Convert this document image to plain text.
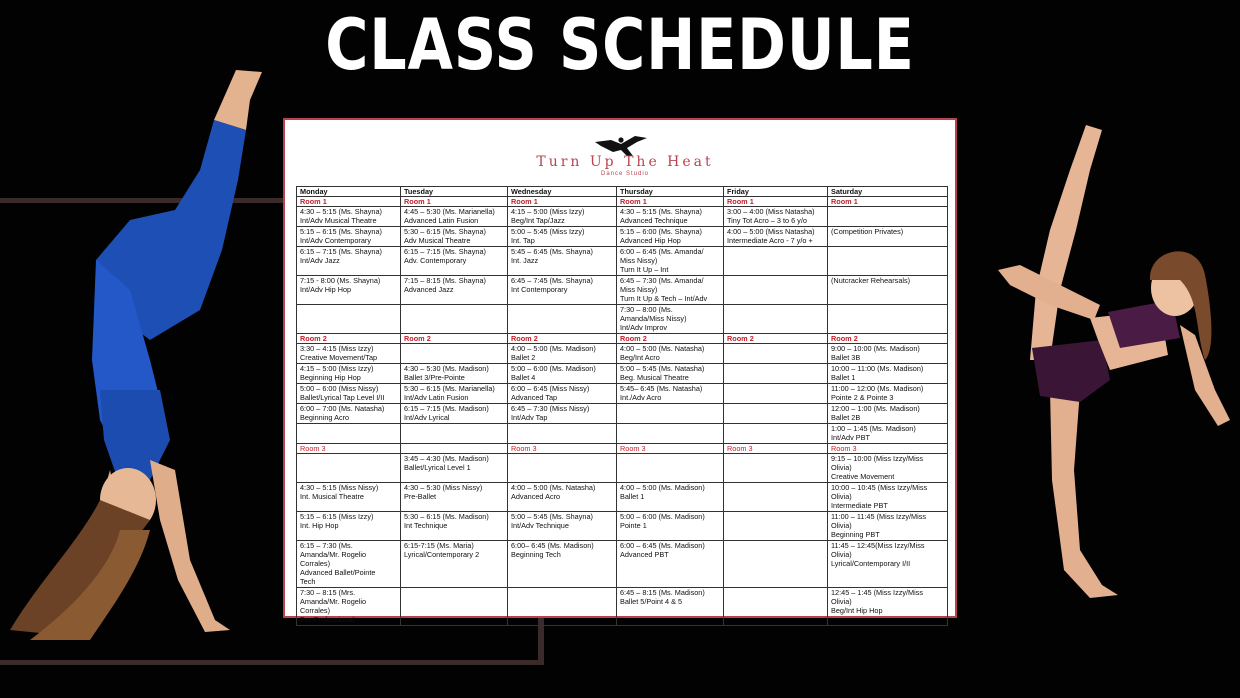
CLASS SCHEDULE
Turn Up The Heat
Dance Studio
Monday	Tuesday	Wednesday	Thursday	Friday	Saturday

Room 1	Room 1	Room 1	Room 1	Room 1	Room 1

4:30 – 5:15 (Ms. Shayna)
Int/Adv Musical Theatre	4:45 – 5:30 (Ms. Marianella)
Advanced Latin Fusion	4:15 – 5:00 (Miss Izzy)
Beg/Int Tap/Jazz	4:30 – 5:15 (Ms. Shayna)
Advanced Technique	3:00 – 4:00 (Miss Natasha)
Tiny Tot Acro – 3 to 6 y/o	

5:15 – 6:15 (Ms. Shayna)
Int/Adv Contemporary	5:30 – 6:15 (Ms. Shayna)
Adv Musical Theatre	5:00 – 5:45 (Miss Izzy)
Int. Tap	5:15 – 6:00 (Ms. Shayna)
Advanced Hip Hop	4:00 – 5:00 (Miss Natasha)
Intermediate Acro - 7 y/o +	(Competition Privates)

6:15 – 7:15 (Ms. Shayna)
Int/Adv Jazz	6:15 – 7:15 (Ms. Shayna)
Adv. Contemporary	5:45 – 6:45 (Ms. Shayna)
Int. Jazz	6:00 – 6:45 (Ms. Amanda/
Miss Nissy)
Turn It Up – Int		

7:15 - 8:00 (Ms. Shayna)
Int/Adv Hip Hop	7:15 – 8:15 (Ms. Shayna)
Advanced Jazz	6:45 – 7:45 (Ms. Shayna)
Int Contemporary	6:45 – 7:30 (Ms. Amanda/
Miss Nissy)
Turn It Up & Tech – Int/Adv		(Nutcracker Rehearsals)

			7:30 – 8:00 (Ms.
Amanda/Miss Nissy)
Int/Adv Improv		

Room 2	Room 2	Room 2	Room 2	Room 2	Room 2

3:30 – 4:15 (Miss Izzy)
Creative Movement/Tap		4:00 – 5:00 (Ms. Madison)
Ballet 2	4:00 – 5:00 (Ms. Natasha)
Beg/Int Acro		9:00 – 10:00 (Ms. Madison)
Ballet 3B

4:15 – 5:00 (Miss Izzy)
Beginning Hip Hop	4:30 – 5:30 (Ms. Madison)
Ballet 3/Pre-Pointe	5:00 – 6:00 (Ms. Madison)
Ballet 4	5:00 – 5:45 (Ms. Natasha)
Beg. Musical Theatre		10:00 – 11:00 (Ms. Madison)
Ballet 1

5:00 – 6:00 (Miss Nissy)
Ballet/Lyrical Tap Level I/II	5:30 – 6:15 (Ms. Marianella)
Int/Adv Latin Fusion	6:00 – 6:45 (Miss Nissy)
Advanced Tap	5:45– 6:45 (Ms. Natasha)
Int./Adv Acro		11:00 – 12:00 (Ms. Madison)
Pointe 2 & Pointe 3

6:00 – 7:00 (Ms. Natasha)
Beginning Acro	6:15 – 7:15 (Ms. Madison)
Int/Adv Lyrical	6:45 – 7:30 (Miss Nissy)
Int/Adv Tap			12:00 – 1:00 (Ms. Madison)
Ballet 2B

					1:00 – 1:45 (Ms. Madison)
Int/Adv PBT

Room 3		Room 3	Room 3	Room 3	Room 3

	3:45 – 4:30 (Ms. Madison)
Ballet/Lyrical Level 1				9:15 – 10:00 (Miss Izzy/Miss
Olivia)
Creative Movement

4:30 – 5:15 (Miss Nissy)
Int. Musical Theatre	4:30 – 5:30 (Miss Nissy)
Pre-Ballet	4:00 – 5:00 (Ms. Natasha)
Advanced Acro	4:00 – 5:00 (Ms. Madison)
Ballet 1		10:00 – 10:45 (Miss Izzy/Miss
Olivia)
Intermediate PBT

5:15 – 6:15 (Miss Izzy)
Int. Hip Hop	5:30 – 6:15 (Ms. Madison)
Int Technique	5:00 – 5:45 (Ms. Shayna)
Int/Adv Technique	5:00 – 6:00 (Ms. Madison)
Pointe 1		11:00 – 11:45 (Miss Izzy/Miss
Olivia)
Beginning PBT

6:15 – 7:30 (Ms.
Amanda/Mr. Rogelio
Corrales)
Advanced Ballet/Pointe
Tech	6:15-7:15 (Ms. Maria)
Lyrical/Contemporary 2	6:00– 6:45 (Ms. Madison)
Beginning Tech	6:00 – 6:45 (Ms. Madison)
Advanced PBT		11:45 – 12:45(Miss Izzy/Miss
Olivia)
Lyrical/Contemporary I/II

7:30 – 8:15 (Mrs.
Amanda/Mr. Rogelio
Corrales)
Pre-Professional			6:45 – 8:15 (Ms. Madison)
Ballet 5/Point 4 & 5		12:45 – 1:45 (Miss Izzy/Miss
Olivia)
Beg/Int Hip Hop
